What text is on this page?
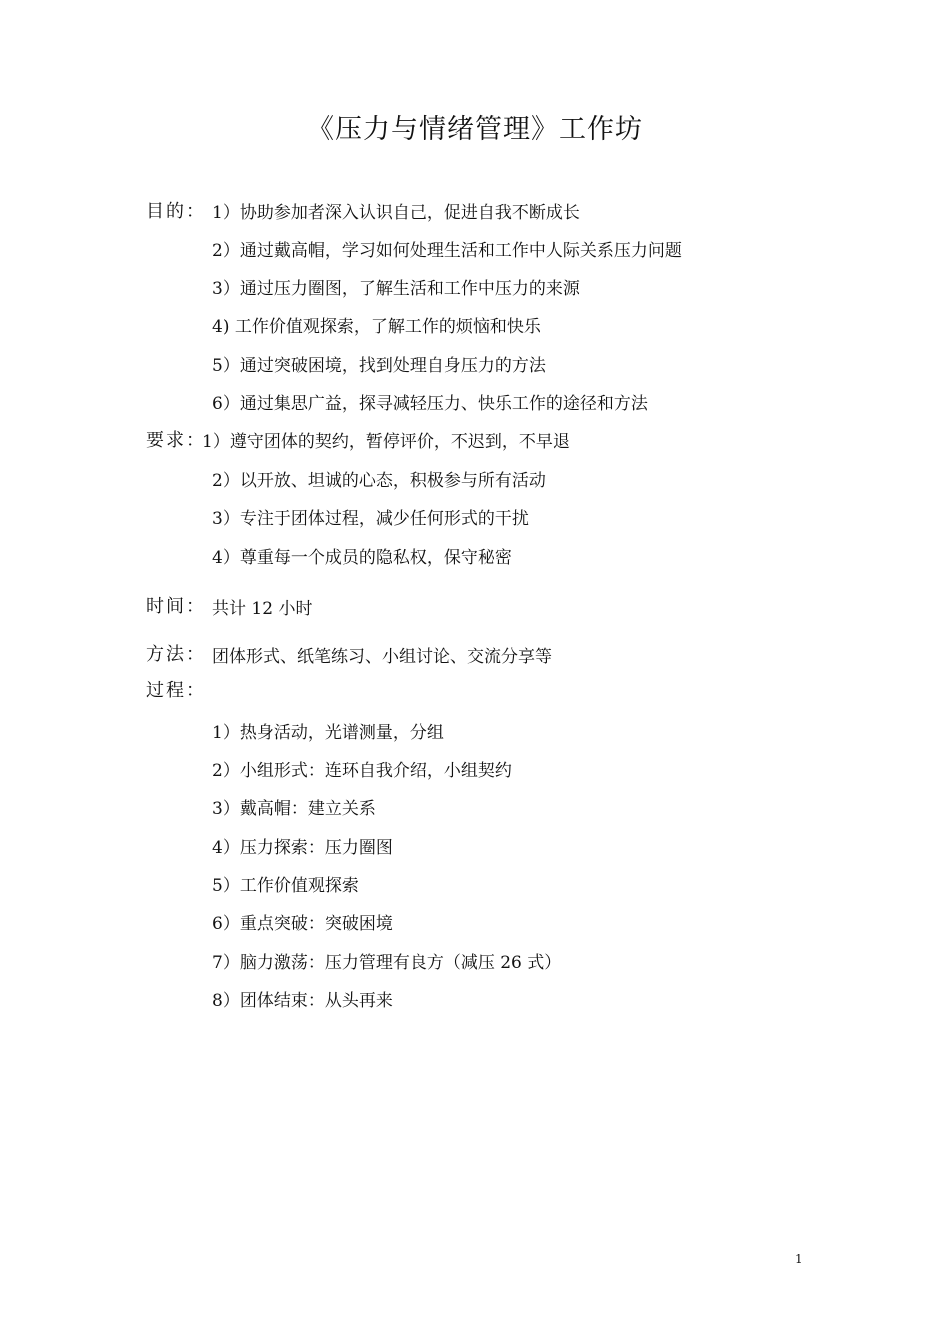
《压力与情绪管理》工作坊
目的： 1）协助参加者深入认识自己，促进自我不断成长
2）通过戴高帽，学习如何处理生活和工作中人际关系压力问题
3）通过压力圈图，了解生活和工作中压力的来源
4) 工作价值观探索，了解工作的烦恼和快乐
5）通过突破困境，找到处理自身压力的方法
6）通过集思广益，探寻减轻压力、快乐工作的途径和方法
要求：
1）遵守团体的契约，暂停评价，不迟到，不早退
2）以开放、坦诚的心态，积极参与所有活动
3）专注于团体过程，减少任何形式的干扰
4）尊重每一个成员的隐私权，保守秘密
时间： 共计 12 小时
方法： 团体形式、纸笔练习、小组讨论、交流分享等
过程：
1）热身活动，光谱测量，分组
2）小组形式：连环自我介绍，小组契约
3）戴高帽：建立关系
4）压力探索：压力圈图
5）工作价值观探索
6）重点突破：突破困境
7）脑力激荡：压力管理有良方（减压 26 式）
8）团体结束：从头再来
1
